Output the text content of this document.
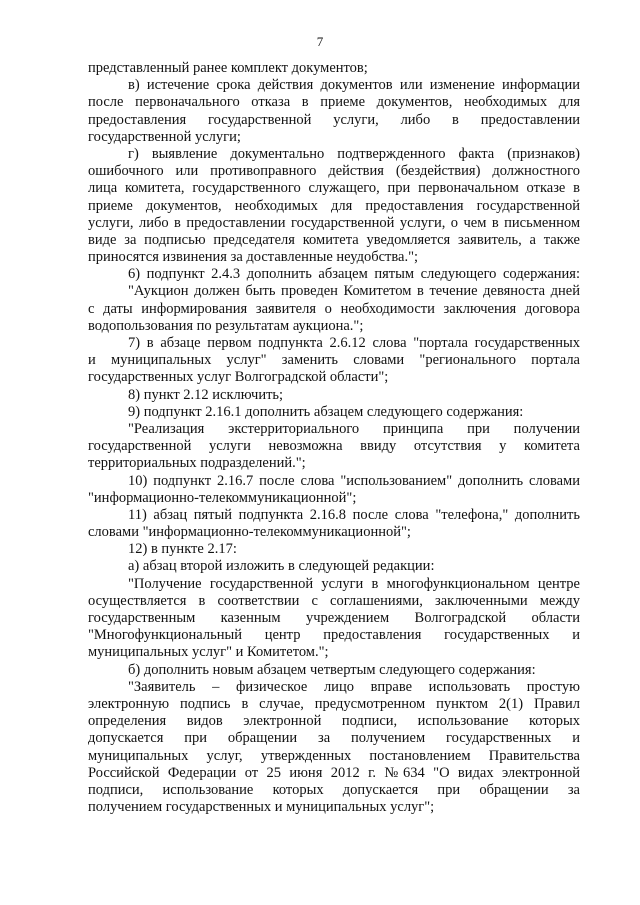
7
представленный ранее комплект документов;
в) истечение срока действия документов или изменение информации
после первоначального отказа в приеме документов, необходимых для
предоставления государственной услуги, либо в предоставлении
государственной услуги;
г) выявление документально подтвержденного факта (признаков)
ошибочного или противоправного действия (бездействия) должностного
лица комитета, государственного служащего, при первоначальном отказе в
приеме документов, необходимых для предоставления государственной
услуги, либо в предоставлении государственной услуги, о чем в письменном
виде за подписью председателя комитета уведомляется заявитель, а также
приносятся извинения за доставленные неудобства.";
6) подпункт 2.4.3 дополнить абзацем пятым следующего содержания:
"Аукцион должен быть проведен Комитетом в течение девяноста дней
с даты информирования заявителя о необходимости заключения договора
водопользования по результатам аукциона.";
7) в абзаце первом подпункта 2.6.12 слова "портала государственных
и муниципальных услуг" заменить словами "регионального портала
государственных услуг Волгоградской области";
8) пункт 2.12 исключить;
9) подпункт 2.16.1 дополнить абзацем следующего содержания:
"Реализация экстерриториального принципа при получении
государственной услуги невозможна ввиду отсутствия у комитета
территориальных подразделений.";
10) подпункт 2.16.7 после слова "использованием" дополнить словами
"информационно-телекоммуникационной";
11) абзац пятый подпункта 2.16.8 после слова "телефона," дополнить
словами "информационно-телекоммуникационной";
12) в пункте 2.17:
а) абзац второй изложить в следующей редакции:
"Получение государственной услуги в многофункциональном центре
осуществляется в соответствии с соглашениями, заключенными между
государственным казенным учреждением Волгоградской области
"Многофункциональный центр предоставления государственных и
муниципальных услуг" и Комитетом.";
б) дополнить новым абзацем четвертым следующего содержания:
"Заявитель – физическое лицо вправе использовать простую
электронную подпись в случае, предусмотренном пунктом 2(1) Правил
определения видов электронной подписи, использование которых
допускается при обращении за получением государственных и
муниципальных услуг, утвержденных постановлением Правительства
Российской Федерации от 25 июня 2012 г. №634 "О видах электронной
подписи, использование которых допускается при обращении за
получением государственных и муниципальных услуг";
